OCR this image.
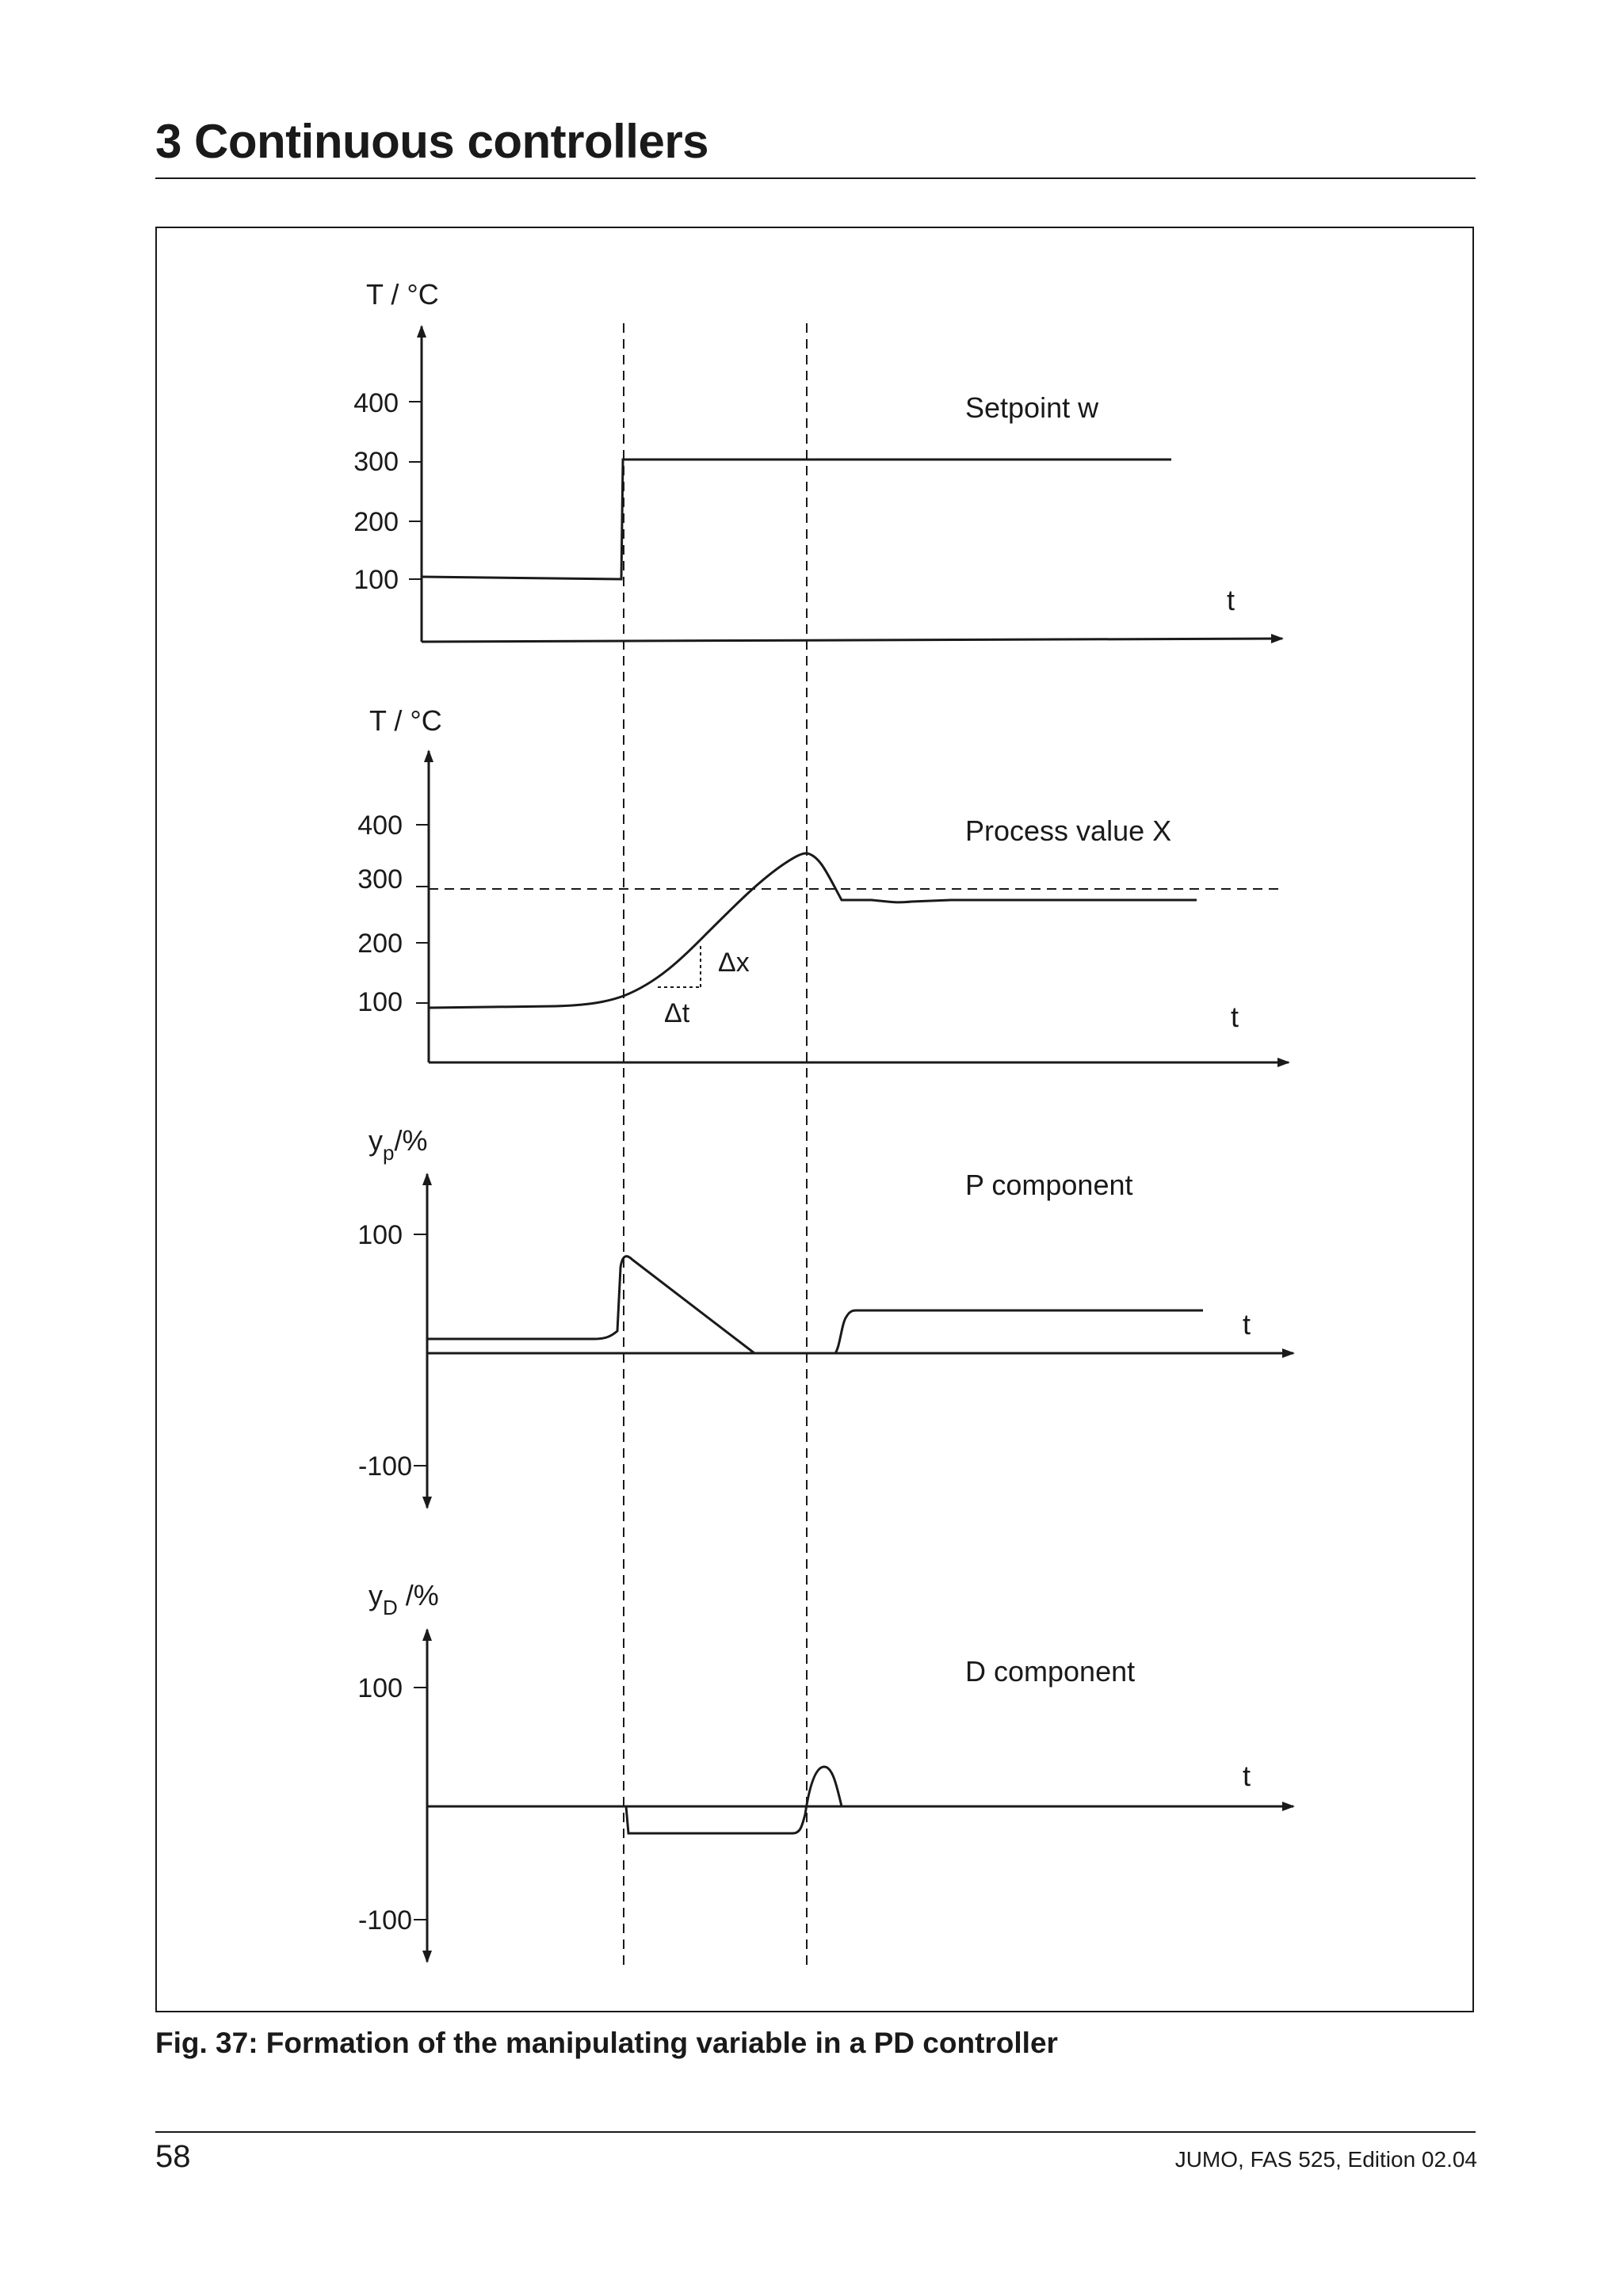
3 Continuous controllers
T / °C
400
300
200
100
t
Setpoint w
T / °C
400
300
200
100	t
Process value X
Δx
Δt
$y_p/\%$
100
-100
t
P component
$y_D$ /%
100
-100
t
D component
Fig. 37: Formation of the manipulating variable in a PD controller
58	JUMO, FAS 525, Edition 02.04
